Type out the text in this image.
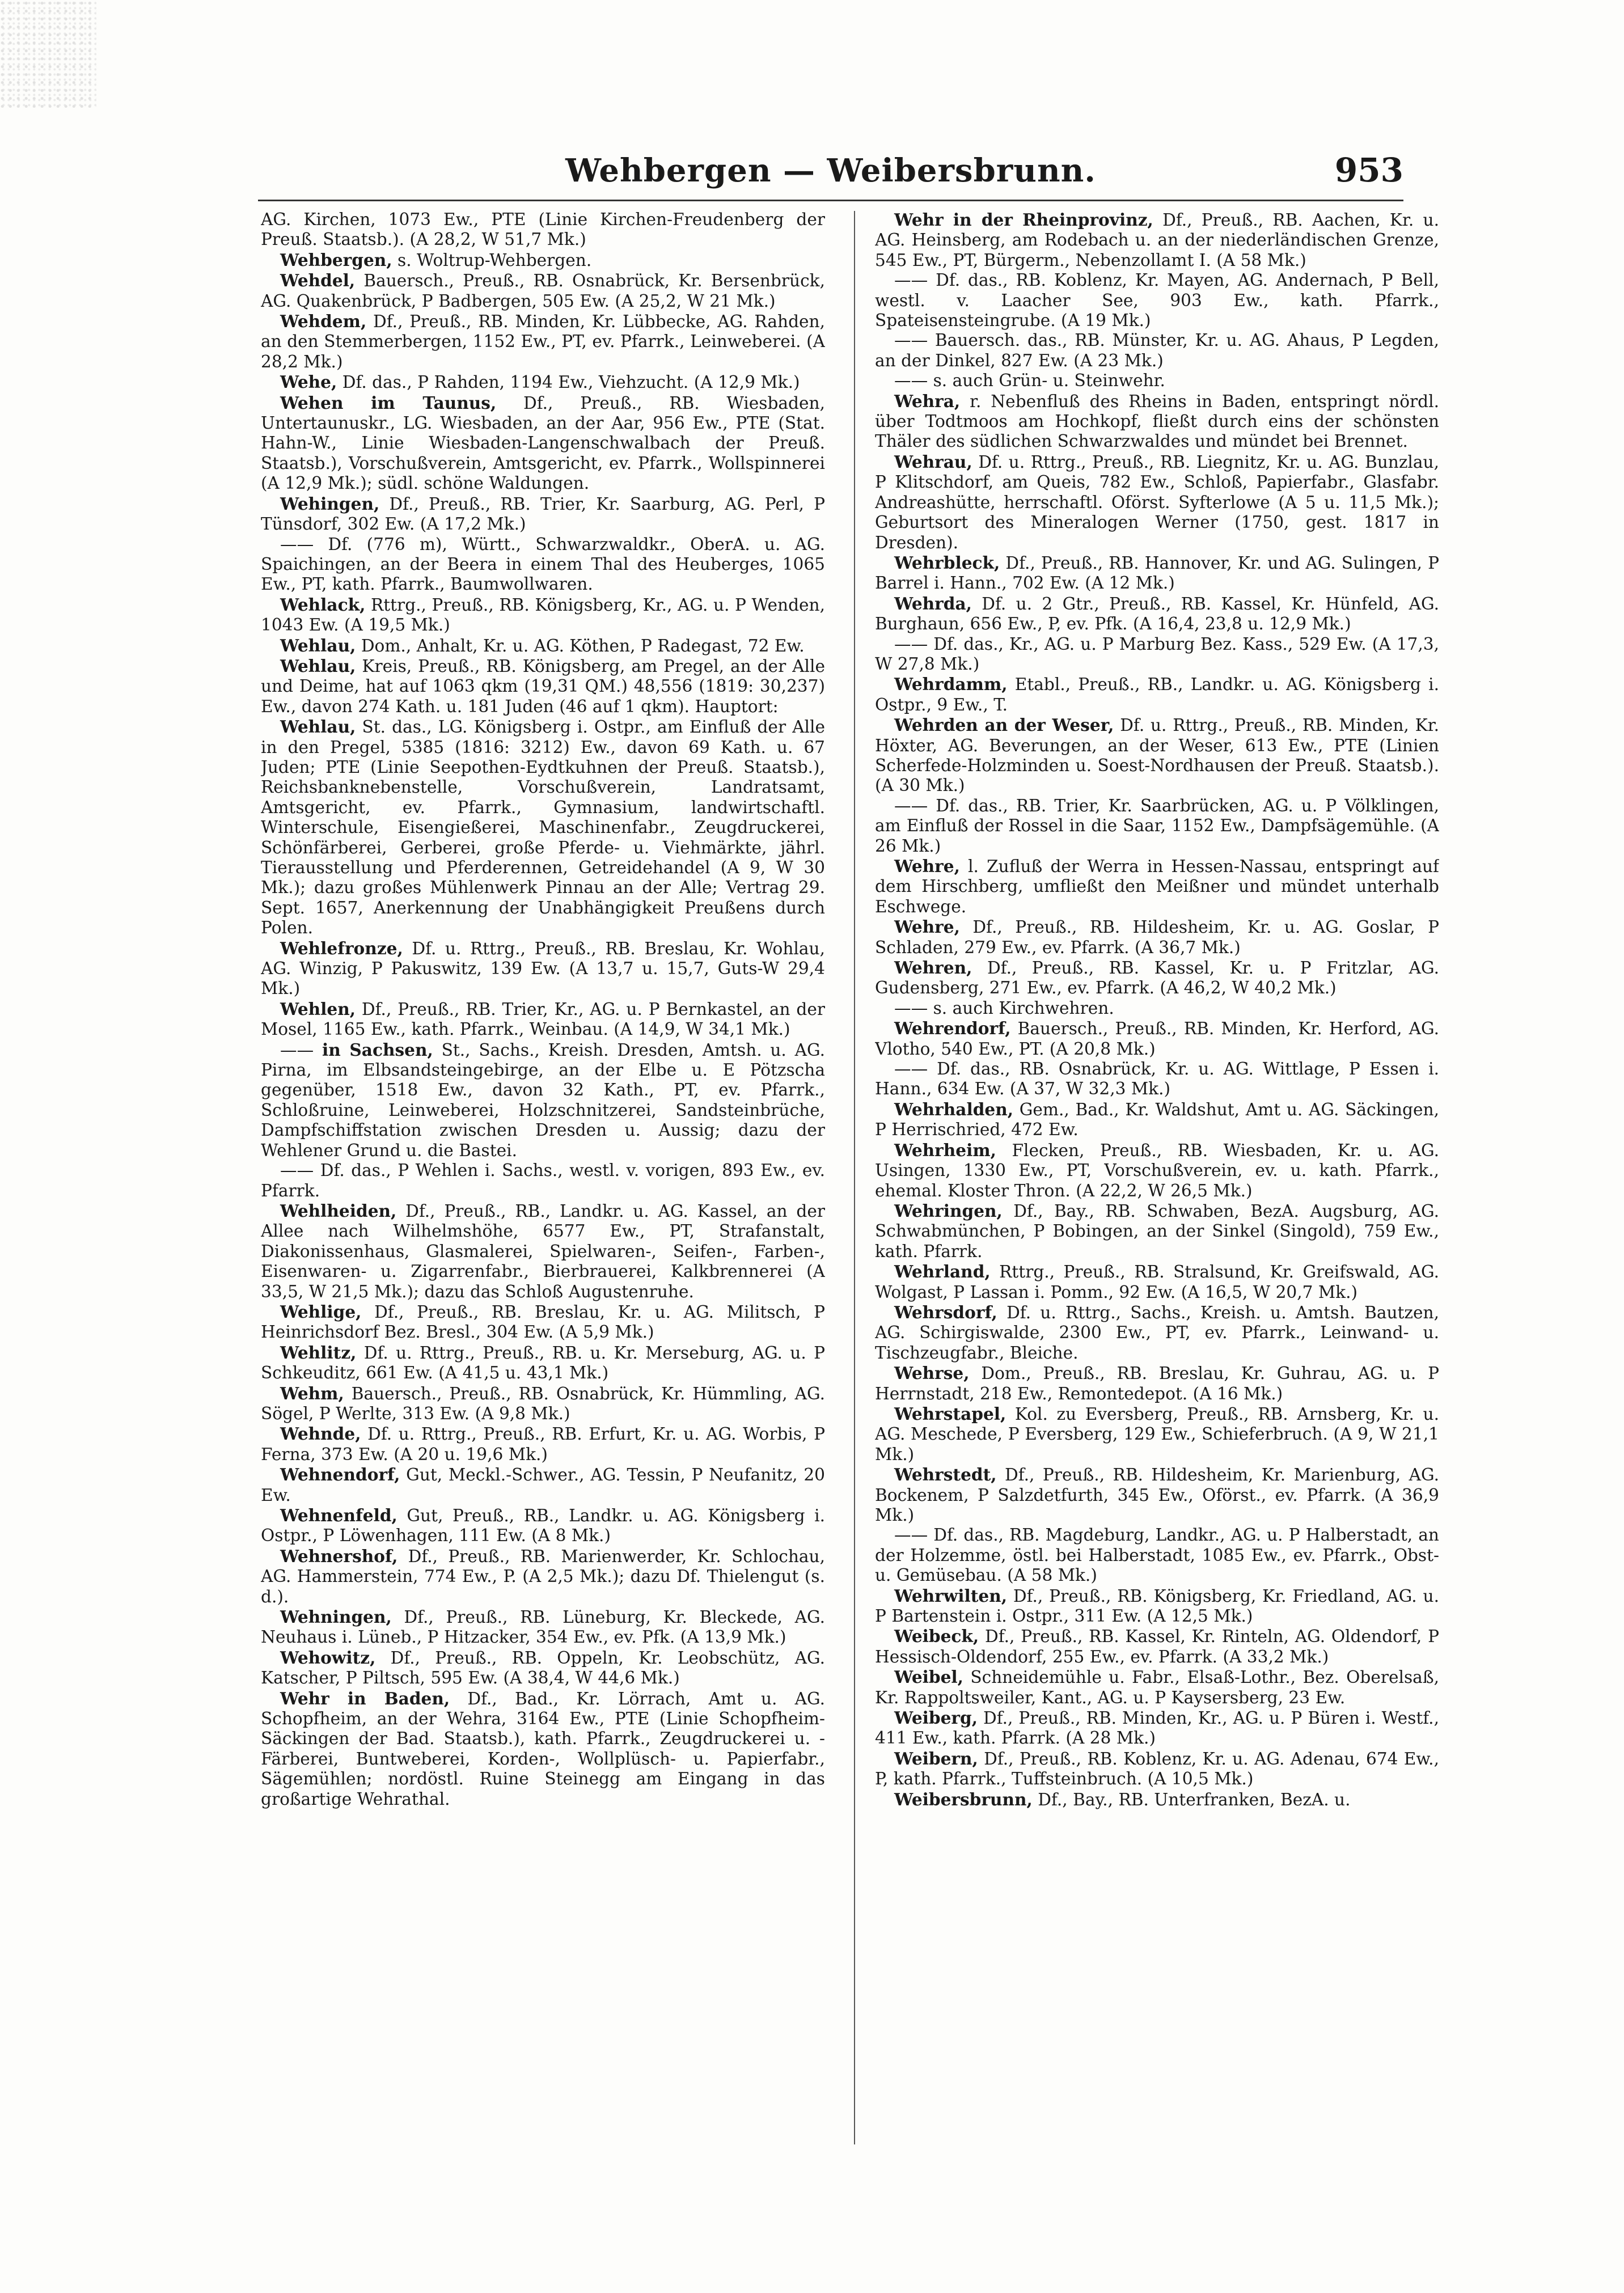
Wehbergen — Weibersbrunn.	953

AG. Kirchen, 1073 Ew., PTE (Linie Kirchen-Freudenberg der Preuß. Staatsb.). (A 28,2, W 51,7 Mk.)

Wehbergen, s. Woltrup-Wehbergen.

Wehdel, Bauersch., Preuß., RB. Osnabrück, Kr. Bersenbrück, AG. Quakenbrück, P Badbergen, 505 Ew. (A 25,2, W 21 Mk.)

Wehdem, Df., Preuß., RB. Minden, Kr. Lübbecke, AG. Rahden, an den Stemmerbergen, 1152 Ew., PT, ev. Pfarrk., Leinweberei. (A 28,2 Mk.)

Wehe, Df. das., P Rahden, 1194 Ew., Viehzucht. (A 12,9 Mk.)

Wehen im Taunus, Df., Preuß., RB. Wiesbaden, Untertaunuskr., LG. Wiesbaden, an der Aar, 956 Ew., PTE (Stat. Hahn-W., Linie Wiesbaden-Langenschwalbach der Preuß. Staatsb.), Vorschußverein, Amtsgericht, ev. Pfarrk., Wollspinnerei (A 12,9 Mk.); südl. schöne Waldungen.

Wehingen, Df., Preuß., RB. Trier, Kr. Saarburg, AG. Perl, P Tünsdorf, 302 Ew. (A 17,2 Mk.)

—— Df. (776 m), Württ., Schwarzwaldkr., OberA. u. AG. Spaichingen, an der Beera in einem Thal des Heuberges, 1065 Ew., PT, kath. Pfarrk., Baumwollwaren.

Wehlack, Rttrg., Preuß., RB. Königsberg, Kr., AG. u. P Wenden, 1043 Ew. (A 19,5 Mk.)

Wehlau, Dom., Anhalt, Kr. u. AG. Köthen, P Radegast, 72 Ew.

Wehlau, Kreis, Preuß., RB. Königsberg, am Pregel, an der Alle und Deime, hat auf 1063 qkm (19,31 QM.) 48,556 (1819: 30,237) Ew., davon 274 Kath. u. 181 Juden (46 auf 1 qkm). Hauptort:

Wehlau, St. das., LG. Königsberg i. Ostpr., am Einfluß der Alle in den Pregel, 5385 (1816: 3212) Ew., davon 69 Kath. u. 67 Juden; PTE (Linie Seepothen-Eydtkuhnen der Preuß. Staatsb.), Reichsbanknebenstelle, Vorschußverein, Landratsamt, Amtsgericht, ev. Pfarrk., Gymnasium, landwirtschaftl. Winterschule, Eisengießerei, Maschinenfabr., Zeugdruckerei, Schönfärberei, Gerberei, große Pferde- u. Viehmärkte, jährl. Tierausstellung und Pferderennen, Getreidehandel (A 9, W 30 Mk.); dazu großes Mühlenwerk Pinnau an der Alle; Vertrag 29. Sept. 1657, Anerkennung der Unabhängigkeit Preußens durch Polen.

Wehlefronze, Df. u. Rttrg., Preuß., RB. Breslau, Kr. Wohlau, AG. Winzig, P Pakuswitz, 139 Ew. (A 13,7 u. 15,7, Guts-W 29,4 Mk.)

Wehlen, Df., Preuß., RB. Trier, Kr., AG. u. P Bernkastel, an der Mosel, 1165 Ew., kath. Pfarrk., Weinbau. (A 14,9, W 34,1 Mk.)

—— in Sachsen, St., Sachs., Kreish. Dresden, Amtsh. u. AG. Pirna, im Elbsandsteingebirge, an der Elbe u. E Pötzscha gegenüber, 1518 Ew., davon 32 Kath., PT, ev. Pfarrk., Schloßruine, Leinweberei, Holzschnitzerei, Sandsteinbrüche, Dampfschiffstation zwischen Dresden u. Aussig; dazu der Wehlener Grund u. die Bastei.

—— Df. das., P Wehlen i. Sachs., westl. v. vorigen, 893 Ew., ev. Pfarrk.

Wehlheiden, Df., Preuß., RB., Landkr. u. AG. Kassel, an der Allee nach Wilhelmshöhe, 6577 Ew., PT, Strafanstalt, Diakonissenhaus, Glasmalerei, Spielwaren-, Seifen-, Farben-, Eisenwaren- u. Zigarrenfabr., Bierbrauerei, Kalkbrennerei (A 33,5, W 21,5 Mk.); dazu das Schloß Augustenruhe.

Wehlige, Df., Preuß., RB. Breslau, Kr. u. AG. Militsch, P Heinrichsdorf Bez. Bresl., 304 Ew. (A 5,9 Mk.)

Wehlitz, Df. u. Rttrg., Preuß., RB. u. Kr. Merseburg, AG. u. P Schkeuditz, 661 Ew. (A 41,5 u. 43,1 Mk.)

Wehm, Bauersch., Preuß., RB. Osnabrück, Kr. Hümmling, AG. Sögel, P Werlte, 313 Ew. (A 9,8 Mk.)

Wehnde, Df. u. Rttrg., Preuß., RB. Erfurt, Kr. u. AG. Worbis, P Ferna, 373 Ew. (A 20 u. 19,6 Mk.)

Wehnendorf, Gut, Meckl.-Schwer., AG. Tessin, P Neufanitz, 20 Ew.

Wehnenfeld, Gut, Preuß., RB., Landkr. u. AG. Königsberg i. Ostpr., P Löwenhagen, 111 Ew. (A 8 Mk.)

Wehnershof, Df., Preuß., RB. Marienwerder, Kr. Schlochau, AG. Hammerstein, 774 Ew., P. (A 2,5 Mk.); dazu Df. Thielengut (s. d.).

Wehningen, Df., Preuß., RB. Lüneburg, Kr. Bleckede, AG. Neuhaus i. Lüneb., P Hitzacker, 354 Ew., ev. Pfk. (A 13,9 Mk.)

Wehowitz, Df., Preuß., RB. Oppeln, Kr. Leobschütz, AG. Katscher, P Piltsch, 595 Ew. (A 38,4, W 44,6 Mk.)

Wehr in Baden, Df., Bad., Kr. Lörrach, Amt u. AG. Schopfheim, an der Wehra, 3164 Ew., PTE (Linie Schopfheim-Säckingen der Bad. Staatsb.), kath. Pfarrk., Zeugdruckerei u. -Färberei, Buntweberei, Korden-, Wollplüsch- u. Papierfabr., Sägemühlen; nordöstl. Ruine Steinegg am Eingang in das großartige Wehrathal.

Wehr in der Rheinprovinz, Df., Preuß., RB. Aachen, Kr. u. AG. Heinsberg, am Rodebach u. an der niederländischen Grenze, 545 Ew., PT, Bürgerm., Nebenzollamt I. (A 58 Mk.)

—— Df. das., RB. Koblenz, Kr. Mayen, AG. Andernach, P Bell, westl. v. Laacher See, 903 Ew., kath. Pfarrk., Spateisensteingrube. (A 19 Mk.)

—— Bauersch. das., RB. Münster, Kr. u. AG. Ahaus, P Legden, an der Dinkel, 827 Ew. (A 23 Mk.)

—— s. auch Grün- u. Steinwehr.

Wehra, r. Nebenfluß des Rheins in Baden, entspringt nördl. über Todtmoos am Hochkopf, fließt durch eins der schönsten Thäler des südlichen Schwarzwaldes und mündet bei Brennet.

Wehrau, Df. u. Rttrg., Preuß., RB. Liegnitz, Kr. u. AG. Bunzlau, P Klitschdorf, am Queis, 782 Ew., Schloß, Papierfabr., Glasfabr. Andreashütte, herrschaftl. Oförst. Syfterlowe (A 5 u. 11,5 Mk.); Geburtsort des Mineralogen Werner (1750, gest. 1817 in Dresden).

Wehrbleck, Df., Preuß., RB. Hannover, Kr. und AG. Sulingen, P Barrel i. Hann., 702 Ew. (A 12 Mk.)

Wehrda, Df. u. 2 Gtr., Preuß., RB. Kassel, Kr. Hünfeld, AG. Burghaun, 656 Ew., P, ev. Pfk. (A 16,4, 23,8 u. 12,9 Mk.)

—— Df. das., Kr., AG. u. P Marburg Bez. Kass., 529 Ew. (A 17,3, W 27,8 Mk.)

Wehrdamm, Etabl., Preuß., RB., Landkr. u. AG. Königsberg i. Ostpr., 9 Ew., T.

Wehrden an der Weser, Df. u. Rttrg., Preuß., RB. Minden, Kr. Höxter, AG. Beverungen, an der Weser, 613 Ew., PTE (Linien Scherfede-Holzminden u. Soest-Nordhausen der Preuß. Staatsb.). (A 30 Mk.)

—— Df. das., RB. Trier, Kr. Saarbrücken, AG. u. P Völklingen, am Einfluß der Rossel in die Saar, 1152 Ew., Dampfsägemühle. (A 26 Mk.)

Wehre, l. Zufluß der Werra in Hessen-Nassau, entspringt auf dem Hirschberg, umfließt den Meißner und mündet unterhalb Eschwege.

Wehre, Df., Preuß., RB. Hildesheim, Kr. u. AG. Goslar, P Schladen, 279 Ew., ev. Pfarrk. (A 36,7 Mk.)

Wehren, Df., Preuß., RB. Kassel, Kr. u. P Fritzlar, AG. Gudensberg, 271 Ew., ev. Pfarrk. (A 46,2, W 40,2 Mk.)

—— s. auch Kirchwehren.

Wehrendorf, Bauersch., Preuß., RB. Minden, Kr. Herford, AG. Vlotho, 540 Ew., PT. (A 20,8 Mk.)

—— Df. das., RB. Osnabrück, Kr. u. AG. Wittlage, P Essen i. Hann., 634 Ew. (A 37, W 32,3 Mk.)

Wehrhalden, Gem., Bad., Kr. Waldshut, Amt u. AG. Säckingen, P Herrischried, 472 Ew.

Wehrheim, Flecken, Preuß., RB. Wiesbaden, Kr. u. AG. Usingen, 1330 Ew., PT, Vorschußverein, ev. u. kath. Pfarrk., ehemal. Kloster Thron. (A 22,2, W 26,5 Mk.)

Wehringen, Df., Bay., RB. Schwaben, BezA. Augsburg, AG. Schwabmünchen, P Bobingen, an der Sinkel (Singold), 759 Ew., kath. Pfarrk.

Wehrland, Rttrg., Preuß., RB. Stralsund, Kr. Greifswald, AG. Wolgast, P Lassan i. Pomm., 92 Ew. (A 16,5, W 20,7 Mk.)

Wehrsdorf, Df. u. Rttrg., Sachs., Kreish. u. Amtsh. Bautzen, AG. Schirgiswalde, 2300 Ew., PT, ev. Pfarrk., Leinwand- u. Tischzeugfabr., Bleiche.

Wehrse, Dom., Preuß., RB. Breslau, Kr. Guhrau, AG. u. P Herrnstadt, 218 Ew., Remontedepot. (A 16 Mk.)

Wehrstapel, Kol. zu Eversberg, Preuß., RB. Arnsberg, Kr. u. AG. Meschede, P Eversberg, 129 Ew., Schieferbruch. (A 9, W 21,1 Mk.)

Wehrstedt, Df., Preuß., RB. Hildesheim, Kr. Marienburg, AG. Bockenem, P Salzdetfurth, 345 Ew., Oförst., ev. Pfarrk. (A 36,9 Mk.)

—— Df. das., RB. Magdeburg, Landkr., AG. u. P Halberstadt, an der Holzemme, östl. bei Halberstadt, 1085 Ew., ev. Pfarrk., Obst- u. Gemüsebau. (A 58 Mk.)

Wehrwilten, Df., Preuß., RB. Königsberg, Kr. Friedland, AG. u. P Bartenstein i. Ostpr., 311 Ew. (A 12,5 Mk.)

Weibeck, Df., Preuß., RB. Kassel, Kr. Rinteln, AG. Oldendorf, P Hessisch-Oldendorf, 255 Ew., ev. Pfarrk. (A 33,2 Mk.)

Weibel, Schneidemühle u. Fabr., Elsaß-Lothr., Bez. Oberelsaß, Kr. Rappoltsweiler, Kant., AG. u. P Kaysersberg, 23 Ew.

Weiberg, Df., Preuß., RB. Minden, Kr., AG. u. P Büren i. Westf., 411 Ew., kath. Pfarrk. (A 28 Mk.)

Weibern, Df., Preuß., RB. Koblenz, Kr. u. AG. Adenau, 674 Ew., P, kath. Pfarrk., Tuffsteinbruch. (A 10,5 Mk.)

Weibersbrunn, Df., Bay., RB. Unterfranken, BezA. u.
